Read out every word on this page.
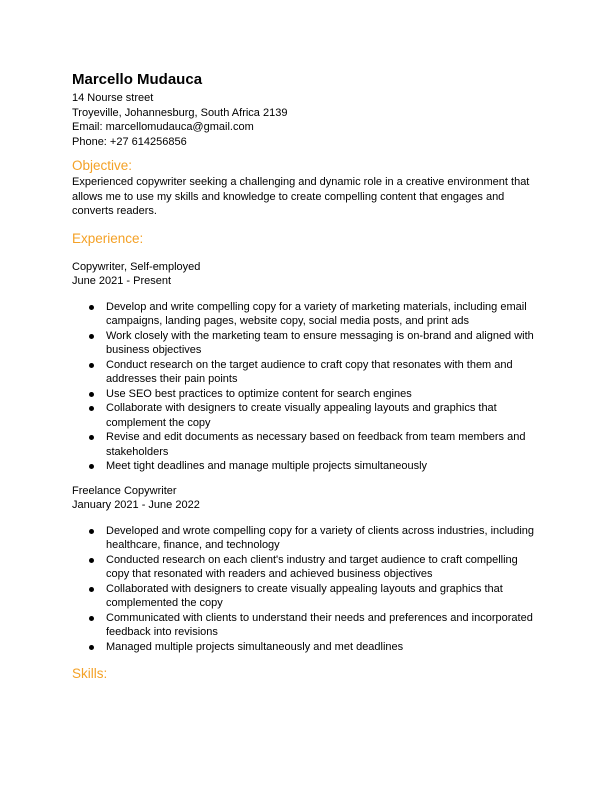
Marcello Mudauca

14 Nourse street

Troyeville, Johannesburg, South Africa 2139

Email: marcellomudauca@gmail.com

Phone: +27 614256856

Objective:

Experienced copywriter seeking a challenging and dynamic role in a creative environment that allows me to use my skills and knowledge to create compelling content that engages and converts readers.

Experience:

Copywriter, Self-employed

June 2021 - Present

Develop and write compelling copy for a variety of marketing materials, including email campaigns, landing pages, website copy, social media posts, and print ads
Work closely with the marketing team to ensure messaging is on-brand and aligned with business objectives
Conduct research on the target audience to craft copy that resonates with them and addresses their pain points
Use SEO best practices to optimize content for search engines
Collaborate with designers to create visually appealing layouts and graphics that complement the copy
Revise and edit documents as necessary based on feedback from team members and stakeholders
Meet tight deadlines and manage multiple projects simultaneously

Freelance Copywriter

January 2021 - June 2022

Developed and wrote compelling copy for a variety of clients across industries, including healthcare, finance, and technology
Conducted research on each client's industry and target audience to craft compelling copy that resonated with readers and achieved business objectives
Collaborated with designers to create visually appealing layouts and graphics that complemented the copy
Communicated with clients to understand their needs and preferences and incorporated feedback into revisions
Managed multiple projects simultaneously and met deadlines
Skills:
